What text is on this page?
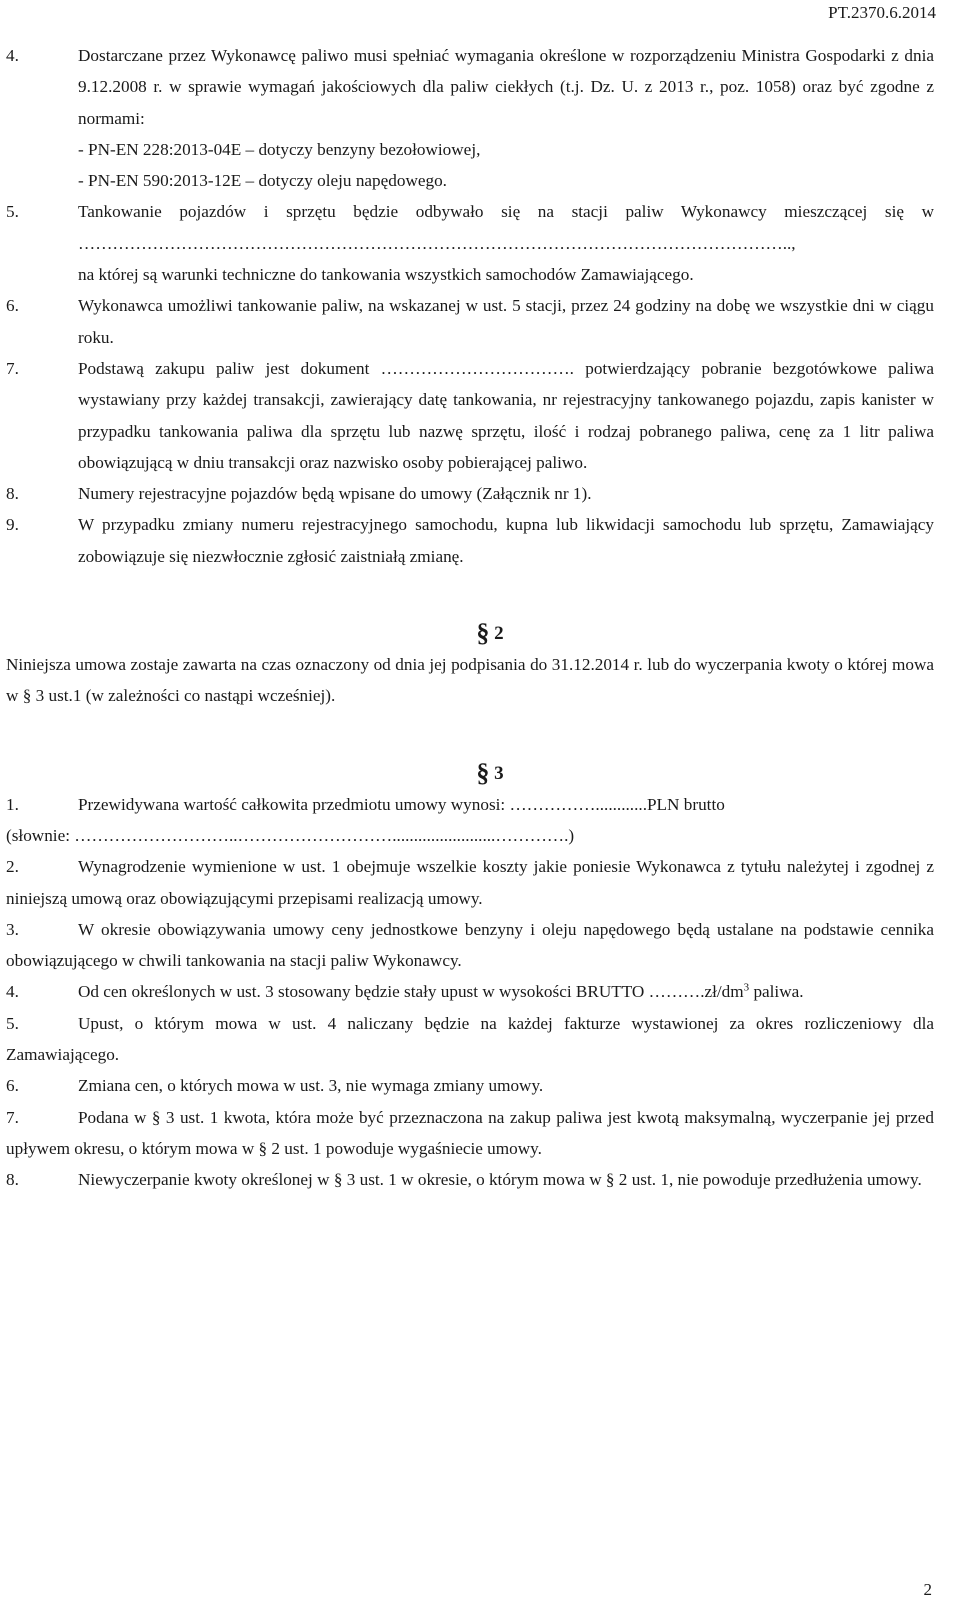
PT.2370.6.2014
4.	Dostarczane przez Wykonawcę paliwo musi spełniać wymagania określone w rozporządzeniu Ministra Gospodarki z dnia 9.12.2008 r. w sprawie wymagań jakościowych dla paliw ciekłych (t.j. Dz. U. z 2013 r., poz. 1058) oraz być zgodne z normami:
- PN-EN 228:2013-04E – dotyczy benzyny bezołowiowej,
- PN-EN 590:2013-12E – dotyczy oleju napędowego.
5.	Tankowanie pojazdów i sprzętu będzie odbywało się na stacji paliw Wykonawcy mieszczącej się w ……………………………………………………………………………………………………………..,
na której są warunki techniczne do tankowania wszystkich samochodów Zamawiającego.
6.	Wykonawca umożliwi tankowanie paliw, na wskazanej w ust. 5 stacji, przez 24 godziny na dobę we wszystkie dni w ciągu roku.
7.	Podstawą zakupu paliw jest dokument ……………………………. potwierdzający pobranie bezgotówkowe paliwa wystawiany przy każdej transakcji, zawierający datę tankowania, nr rejestracyjny tankowanego pojazdu, zapis kanister w przypadku tankowania paliwa dla sprzętu lub nazwę sprzętu, ilość i rodzaj pobranego paliwa, cenę za 1 litr paliwa obowiązującą w dniu transakcji oraz nazwisko osoby pobierającej paliwo.
8.	Numery rejestracyjne pojazdów będą wpisane do umowy (Załącznik nr 1).
9.	W przypadku zmiany numeru rejestracyjnego samochodu, kupna lub likwidacji samochodu lub sprzętu, Zamawiający zobowiązuje się niezwłocznie zgłosić zaistniałą zmianę.
§ 2
Niniejsza umowa zostaje zawarta na czas oznaczony od dnia jej podpisania do 31.12.2014 r. lub do wyczerpania kwoty o której mowa w § 3 ust.1 (w zależności co nastąpi wcześniej).
§ 3
1.	Przewidywana wartość całkowita przedmiotu umowy wynosi: ……………............PLN brutto
(słownie: ………………………..………………………........................………….)
2.	Wynagrodzenie wymienione w ust. 1 obejmuje wszelkie koszty jakie poniesie Wykonawca z tytułu należytej i zgodnej z niniejszą umową oraz obowiązującymi przepisami realizacją umowy.
3.	W okresie obowiązywania umowy ceny jednostkowe benzyny i oleju napędowego będą ustalane na podstawie cennika obowiązującego w chwili tankowania na stacji paliw Wykonawcy.
4.	Od cen określonych w ust. 3 stosowany będzie stały upust w wysokości BRUTTO $\dots\dots\dots.zł/dm^3$ paliwa.
5.	Upust, o którym mowa w ust. 4 naliczany będzie na każdej fakturze wystawionej za okres rozliczeniowy dla Zamawiającego.
6.	Zmiana cen, o których mowa w ust. 3, nie wymaga zmiany umowy.
7.	Podana w § 3 ust. 1 kwota, która może być przeznaczona na zakup paliwa jest kwotą maksymalną, wyczerpanie jej przed upływem okresu, o którym mowa w § 2 ust. 1 powoduje wygaśniecie umowy.
8.	Niewyczerpanie kwoty określonej w § 3 ust. 1 w okresie, o którym mowa w § 2 ust. 1, nie powoduje przedłużenia umowy.
2
